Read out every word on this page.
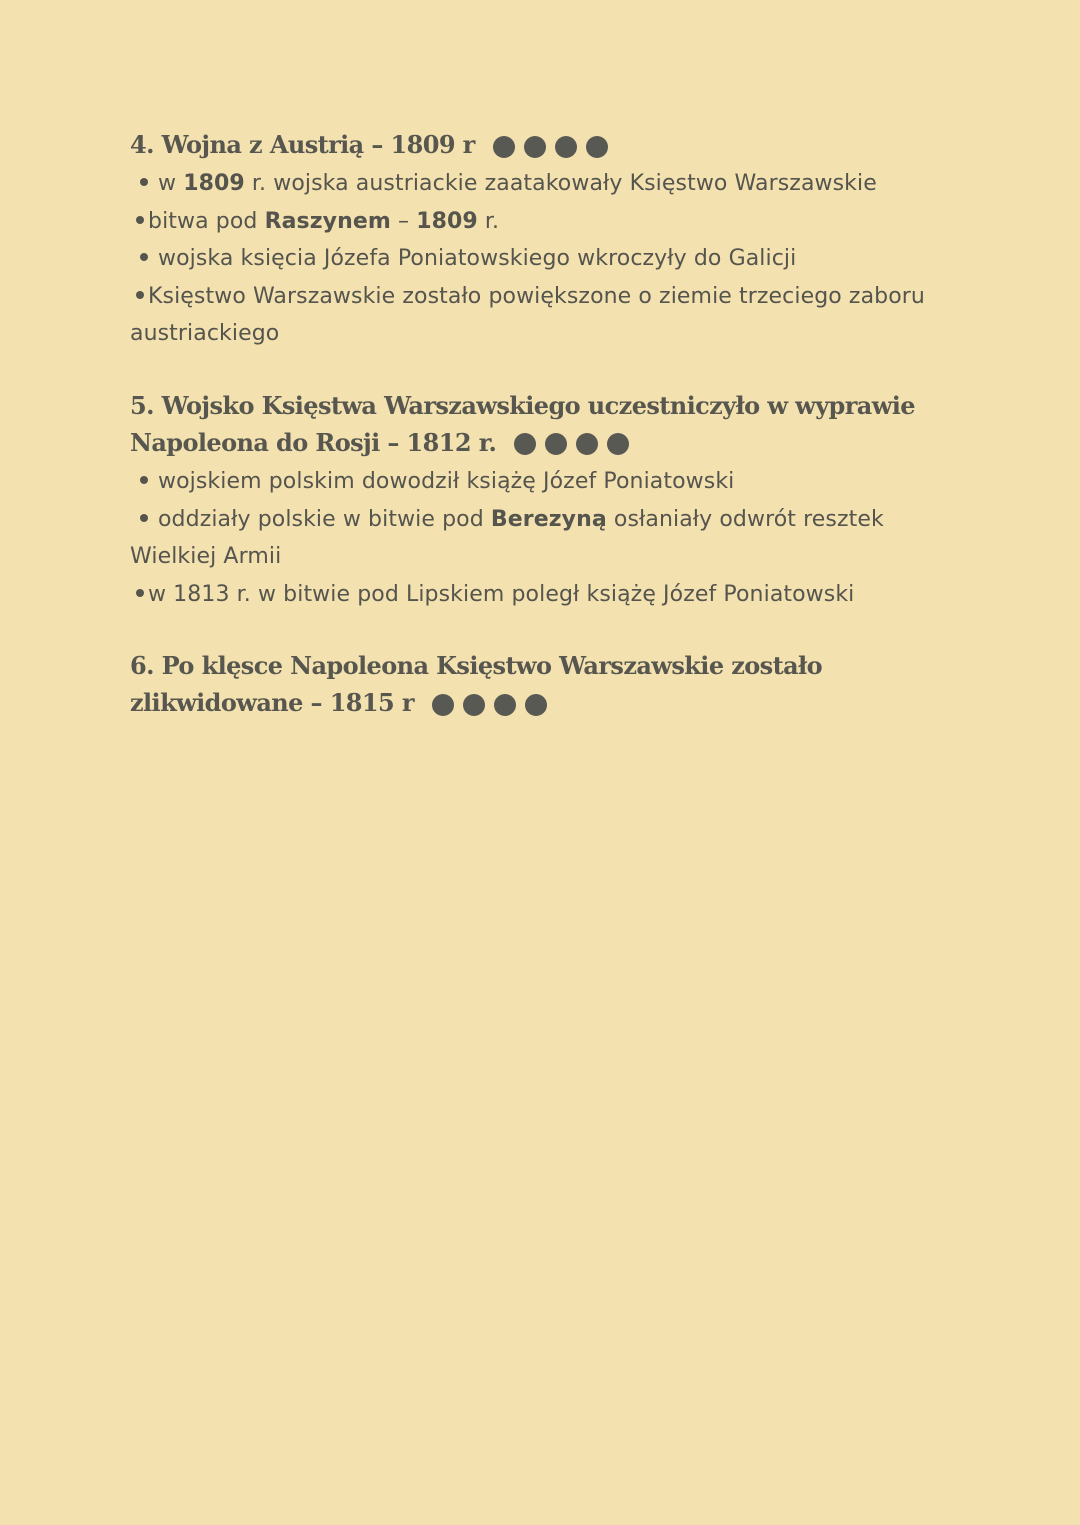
4. Wojna z Austrią – 1809 r
w 1809 r. wojska austriackie zaatakowały Księstwo Warszawskie
bitwa pod Raszynem – 1809 r.
wojska księcia Józefa Poniatowskiego wkroczyły do Galicji
Księstwo Warszawskie zostało powiększone o ziemie trzeciego zaboru
austriackiego
5. Wojsko Księstwa Warszawskiego uczestniczyło w wyprawie
Napoleona do Rosji – 1812 r.
wojskiem polskim dowodził książę Józef Poniatowski
oddziały polskie w bitwie pod Berezyną osłaniały odwrót resztek
Wielkiej Armii
w 1813 r. w bitwie pod Lipskiem poległ książę Józef Poniatowski
6. Po klęsce Napoleona Księstwo Warszawskie zostało
zlikwidowane – 1815 r
